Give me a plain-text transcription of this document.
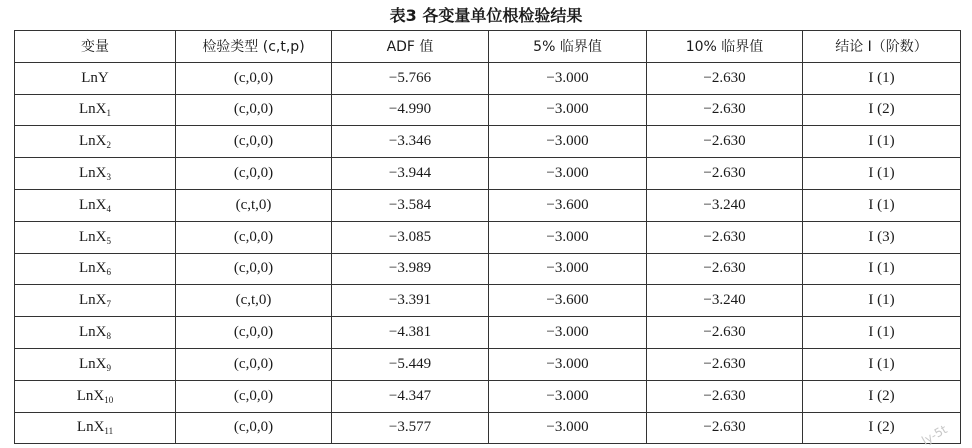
表3 各变量单位根检验结果
变量	检验类型 (c,t,p)	ADF 值	5% 临界值	10% 临界值	结论 I（阶数）
LnY	(c,0,0)	−5.766	−3.000	−2.630	I (1)
LnX$_1$	(c,0,0)	−4.990	−3.000	−2.630	I (2)
LnX$_2$	(c,0,0)	−3.346	−3.000	−2.630	I (1)
LnX$_3$	(c,0,0)	−3.944	−3.000	−2.630	I (1)
LnX$_4$	(c,t,0)	−3.584	−3.600	−3.240	I (1)
LnX$_5$	(c,0,0)	−3.085	−3.000	−2.630	I (3)
LnX$_6$	(c,0,0)	−3.989	−3.000	−2.630	I (1)
LnX$_7$	(c,t,0)	−3.391	−3.600	−3.240	I (1)
LnX$_8$	(c,0,0)	−4.381	−3.000	−2.630	I (1)
LnX$_9$	(c,0,0)	−5.449	−3.000	−2.630	I (1)
LnX$_{10}$	(c,0,0)	−4.347	−3.000	−2.630	I (2)
LnX$_{11}$	(c,0,0)	−3.577	−3.000	−2.630	I (2) ly-5t
